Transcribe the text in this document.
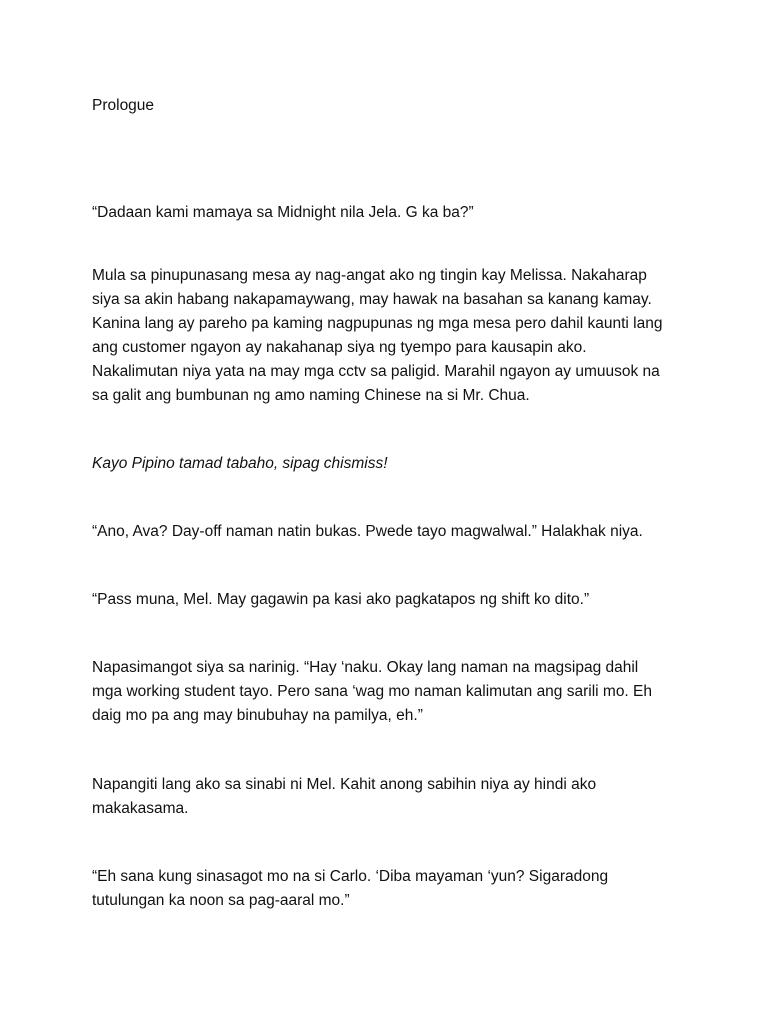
Prologue

“Dadaan kami mamaya sa Midnight nila Jela. G ka ba?”

Mula sa pinupunasang mesa ay nag-angat ako ng tingin kay Melissa. Nakaharap

siya sa akin habang nakapamaywang, may hawak na basahan sa kanang kamay.

Kanina lang ay pareho pa kaming nagpupunas ng mga mesa pero dahil kaunti lang

ang customer ngayon ay nakahanap siya ng tyempo para kausapin ako.

Nakalimutan niya yata na may mga cctv sa paligid. Marahil ngayon ay umuusok na

sa galit ang bumbunan ng amo naming Chinese na si Mr. Chua.

Kayo Pipino tamad tabaho, sipag chismiss!

“Ano, Ava? Day-off naman natin bukas. Pwede tayo magwalwal.” Halakhak niya.

“Pass muna, Mel. May gagawin pa kasi ako pagkatapos ng shift ko dito.”

Napasimangot siya sa narinig. “Hay ‘naku. Okay lang naman na magsipag dahil

mga working student tayo. Pero sana ‘wag mo naman kalimutan ang sarili mo. Eh

daig mo pa ang may binubuhay na pamilya, eh.”

Napangiti lang ako sa sinabi ni Mel. Kahit anong sabihin niya ay hindi ako

makakasama.

“Eh sana kung sinasagot mo na si Carlo. ‘Diba mayaman ‘yun? Sigaradong

tutulungan ka noon sa pag-aaral mo.”
